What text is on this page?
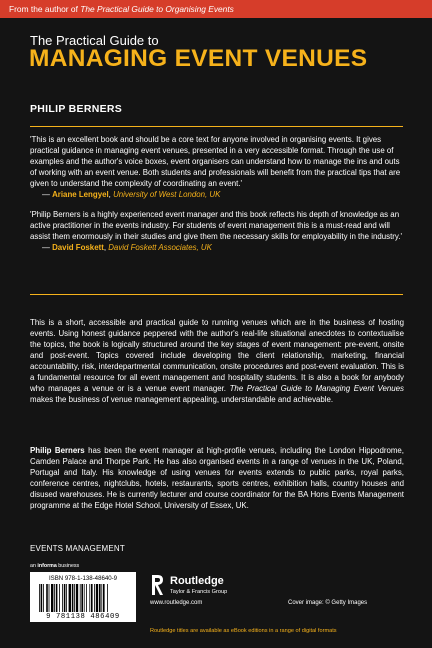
From the author of The Practical Guide to Organising Events
The Practical Guide to
MANAGING EVENT VENUES
PHILIP BERNERS
'This is an excellent book and should be a core text for anyone involved in organising events. It gives practical guidance in managing event venues, presented in a very accessible format. Through the use of examples and the author's voice boxes, event organisers can understand how to manage the ins and outs of working with an event venue. Both students and professionals will benefit from the practical tips that are given to understand the complexity of coordinating an event.'
— Ariane Lengyel, University of West London, UK
'Philip Berners is a highly experienced event manager and this book reflects his depth of knowledge as an active practitioner in the events industry. For students of event management this is a must-read and will assist them enormously in their studies and give them the necessary skills for employability in the industry.'
— David Foskett, David Foskett Associates, UK
This is a short, accessible and practical guide to running venues which are in the business of hosting events. Using honest guidance peppered with the author's real-life situational anecdotes to contextualise the topics, the book is logically structured around the key stages of event management: pre-event, onsite and post-event. Topics covered include developing the client relationship, marketing, financial accountability, risk, interdepartmental communication, onsite procedures and post-event evaluation. This is a fundamental resource for all event management and hospitality students. It is also a book for anybody who manages a venue or is a venue event manager. The Practical Guide to Managing Event Venues makes the business of venue management appealing, understandable and achievable.
Philip Berners has been the event manager at high-profile venues, including the London Hippodrome, Camden Palace and Thorpe Park. He has also organised events in a range of venues in the UK, Poland, Portugal and Italy. His knowledge of using venues for events extends to public parks, royal parks, conference centres, nightclubs, hotels, restaurants, sports centres, exhibition halls, country houses and disused warehouses. He is currently lecturer and course coordinator for the BA Hons Events Management programme at the Edge Hotel School, University of Essex, UK.
EVENTS MANAGEMENT
an informa business
ISBN 978-1-138-48640-9
9 781138 486409
Routledge
Taylor & Francis Group
www.routledge.com	Cover image: © Getty Images
Routledge titles are available as eBook editions in a range of digital formats
